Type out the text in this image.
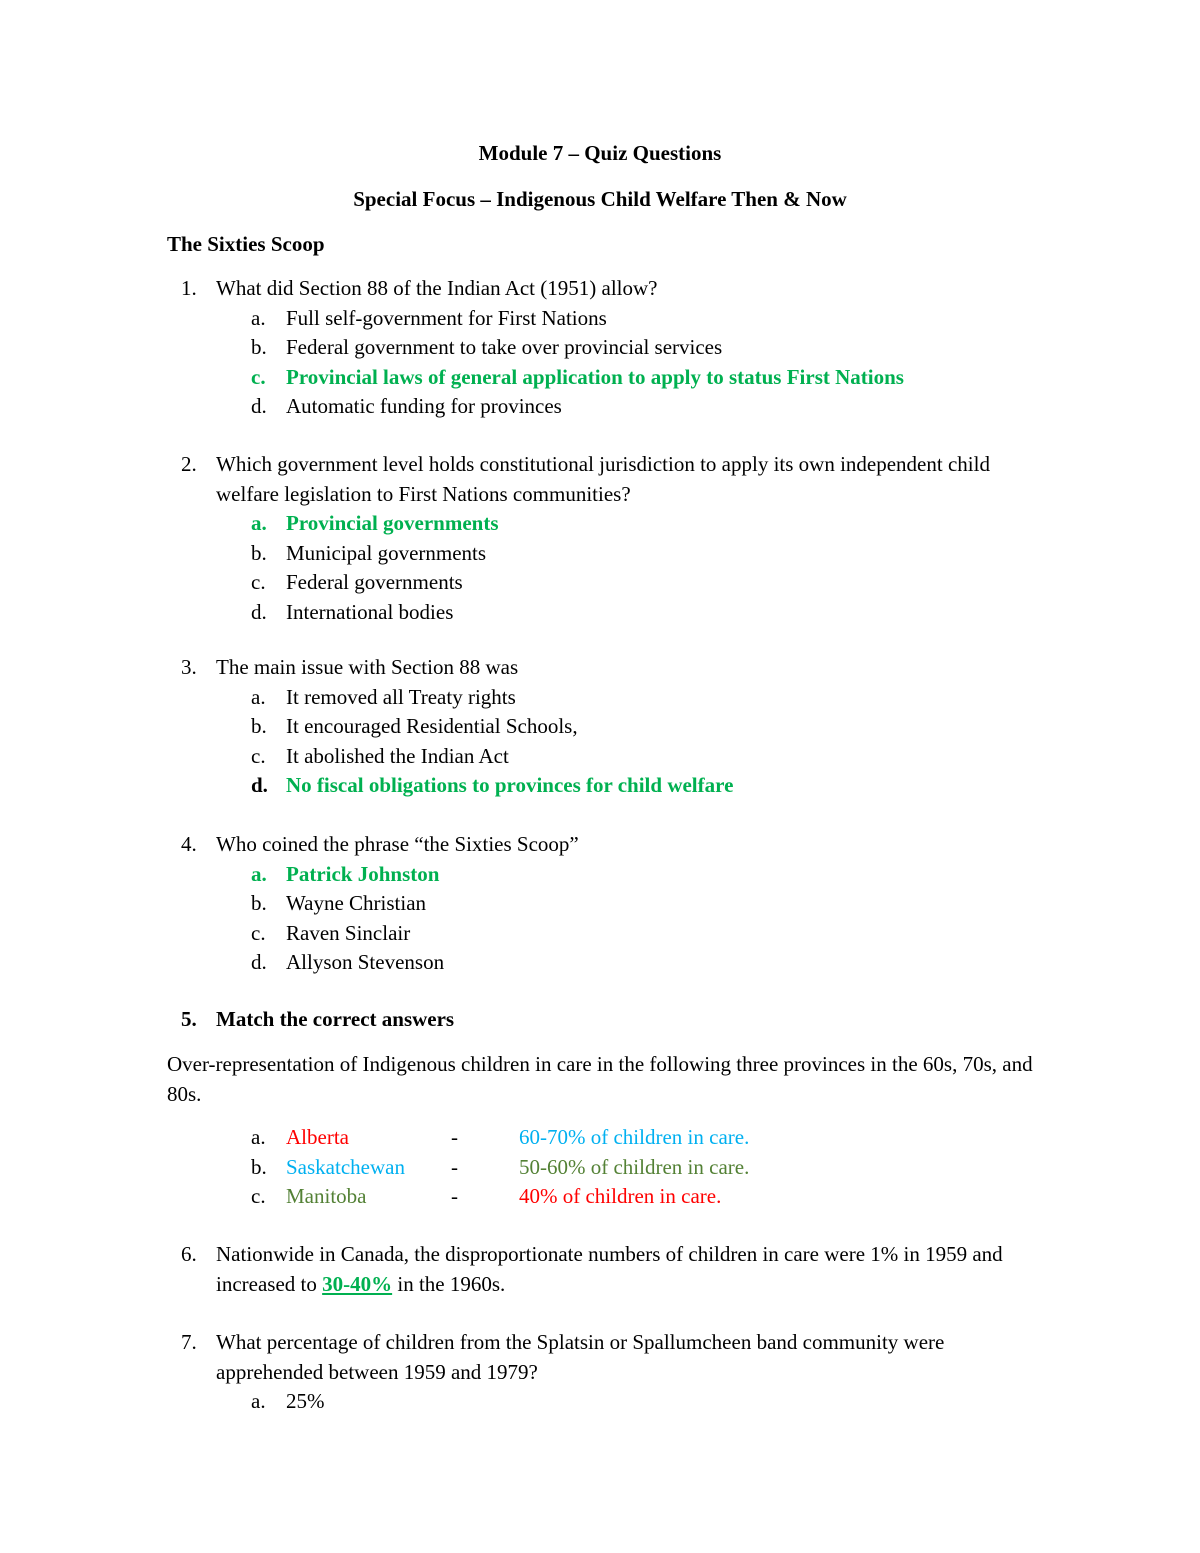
Module 7 – Quiz Questions
Special Focus – Indigenous Child Welfare Then & Now
The Sixties Scoop
1. What did Section 88 of the Indian Act (1951) allow?
a. Full self-government for First Nations
b. Federal government to take over provincial services
c. Provincial laws of general application to apply to status First Nations
d. Automatic funding for provinces
2. Which government level holds constitutional jurisdiction to apply its own independent child welfare legislation to First Nations communities?
a. Provincial governments
b. Municipal governments
c. Federal governments
d. International bodies
3. The main issue with Section 88 was
a. It removed all Treaty rights
b. It encouraged Residential Schools,
c. It abolished the Indian Act
d. No fiscal obligations to provinces for child welfare
4. Who coined the phrase “the Sixties Scoop”
a. Patrick Johnston
b. Wayne Christian
c. Raven Sinclair
d. Allyson Stevenson
5. Match the correct answers
Over-representation of Indigenous children in care in the following three provinces in the 60s, 70s, and 80s.
a. Alberta	-	60-70% of children in care.
b. Saskatchewan -	50-60% of children in care.
c. Manitoba	-	40% of children in care.
6. Nationwide in Canada, the disproportionate numbers of children in care were 1% in 1959 and increased to 30-40% in the 1960s.
7. What percentage of children from the Splatsin or Spallumcheen band community were apprehended between 1959 and 1979?
a. 25%
